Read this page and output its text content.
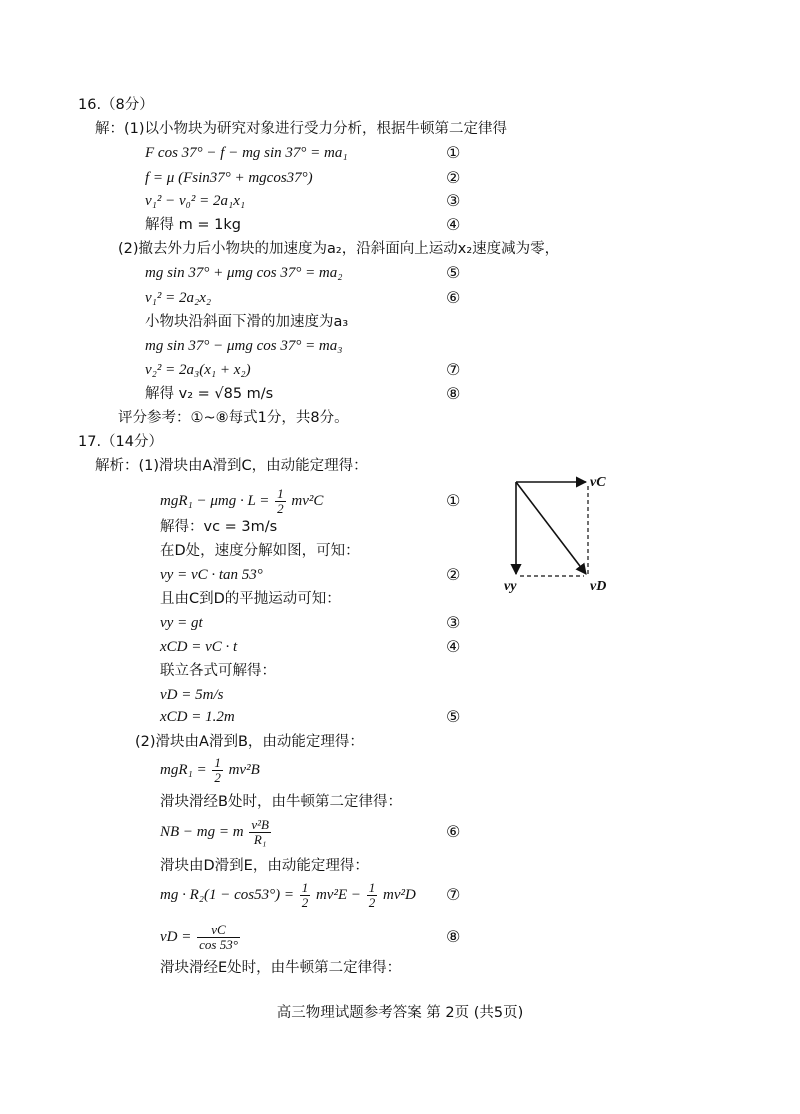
16.（8分）
解：(1)以小物块为研究对象进行受力分析，根据牛顿第二定律得
F cos 37° − f − mg sin 37° = ma₁	①
f = μ (Fsin37° + mgcos37°)	②
v₁² − v₀² = 2a₁x₁	③
解得 m = 1kg	④
(2)撤去外力后小物块的加速度为a₂，沿斜面向上运动x₂速度减为零，
mg sin 37° + μmg cos 37° = ma₂	⑤
v₁² = 2a₂x₂	⑥
小物块沿斜面下滑的加速度为a₃
mg sin 37° − μmg cos 37° = ma₃
v₂² = 2a₃(x₁ + x₂)	⑦
解得 v₂ = √85 m/s	⑧
评分参考：①~⑧每式1分，共8分。
17.（14分）
解析：(1)滑块由A滑到C，由动能定理得：
$mgR_1 - \mu mg \cdot L = \frac{1}{2} mv^2C$	①
解得：vc = 3m/s
在D处，速度分解如图，可知：
vy = vC · tan 53°	②
且由C到D的平抛运动可知：
vy = gt	③
xCD = vC · t	④
联立各式可解得：
vD = 5m/s
xCD = 1.2m	⑤
(2)滑块由A滑到B，由动能定理得：
$mgR_1 = \frac{1}{2} mv^2B$
滑块滑经B处时，由牛顿第二定律得：
NB − mg = m $\frac{\text{v²B}}{\text{R₁}}$	⑥
滑块由D滑到E，由动能定理得：
mg · $R_2(1 - \cos 53^\circ) = \frac{1}{2} mv^2E - \frac{1}{2} mv^2D$ ⑦
vD = $\frac{vC}{\cos 53^\circ}$	⑧
滑块滑经E处时，由牛顿第二定律得：
vC
vy	vD
高三物理试题参考答案 第 2页 (共5页)
